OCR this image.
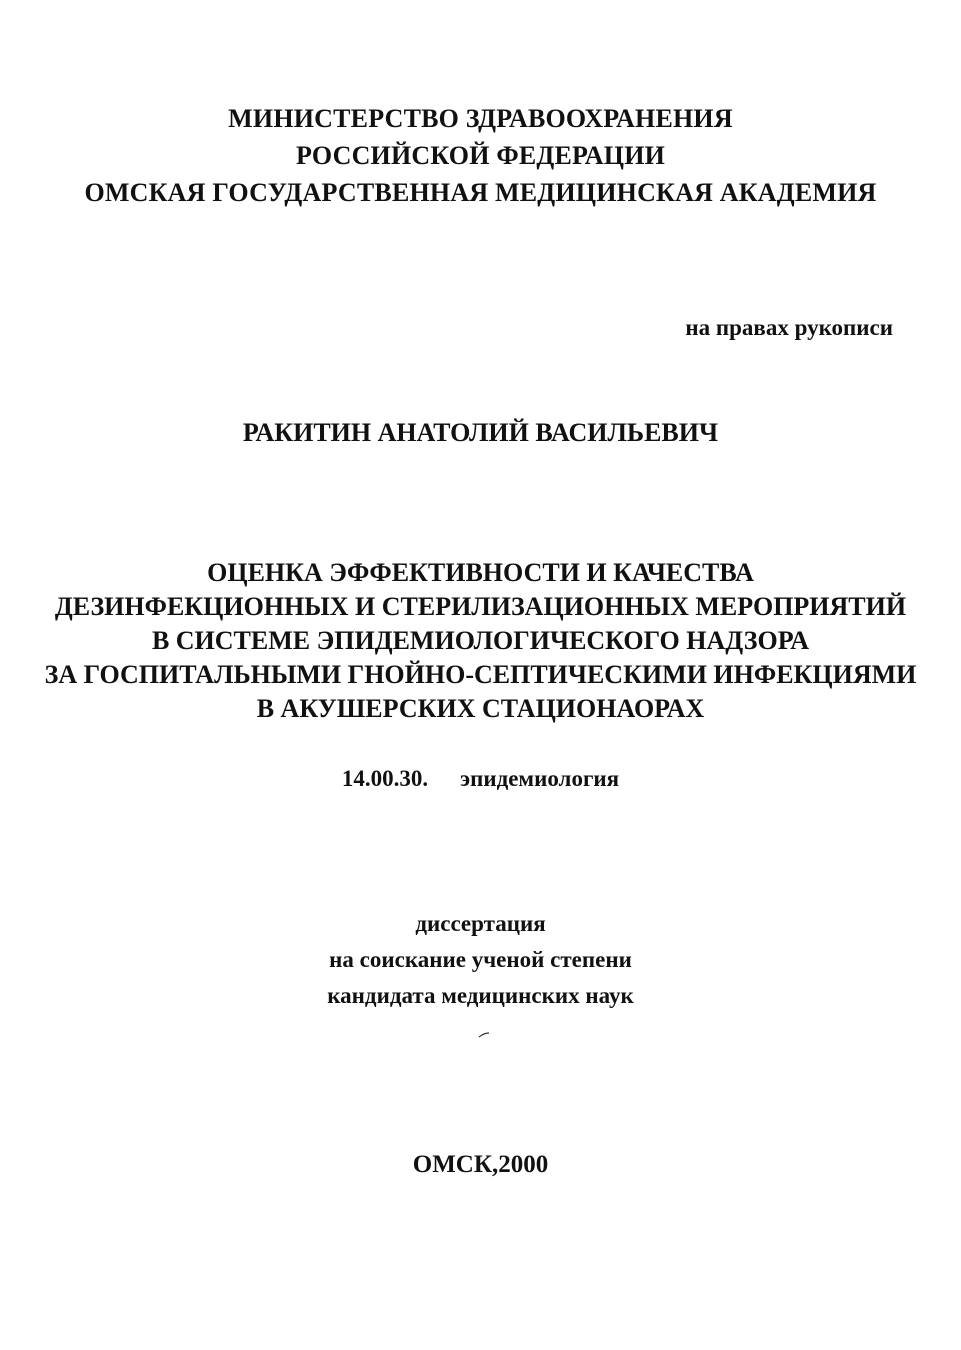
МИНИСТЕРСТВО ЗДРАВООХРАНЕНИЯ
РОССИЙСКОЙ ФЕДЕРАЦИИ
ОМСКАЯ ГОСУДАРСТВЕННАЯ МЕДИЦИНСКАЯ АКАДЕМИЯ
на правах рукописи
РАКИТИН АНАТОЛИЙ ВАСИЛЬЕВИЧ
ОЦЕНКА ЭФФЕКТИВНОСТИ И КАЧЕСТВА
ДЕЗИНФЕКЦИОННЫХ И СТЕРИЛИЗАЦИОННЫХ МЕРОПРИЯТИЙ
В СИСТЕМЕ ЭПИДЕМИОЛОГИЧЕСКОГО НАДЗОРА
ЗА ГОСПИТАЛЬНЫМИ ГНОЙНО-СЕПТИЧЕСКИМИ ИНФЕКЦИЯМИ
В АКУШЕРСКИХ СТАЦИОНАОРАХ
14.00.30. эпидемиология
диссертация
на соискание ученой степени
кандидата медицинских наук
ОМСК,2000
